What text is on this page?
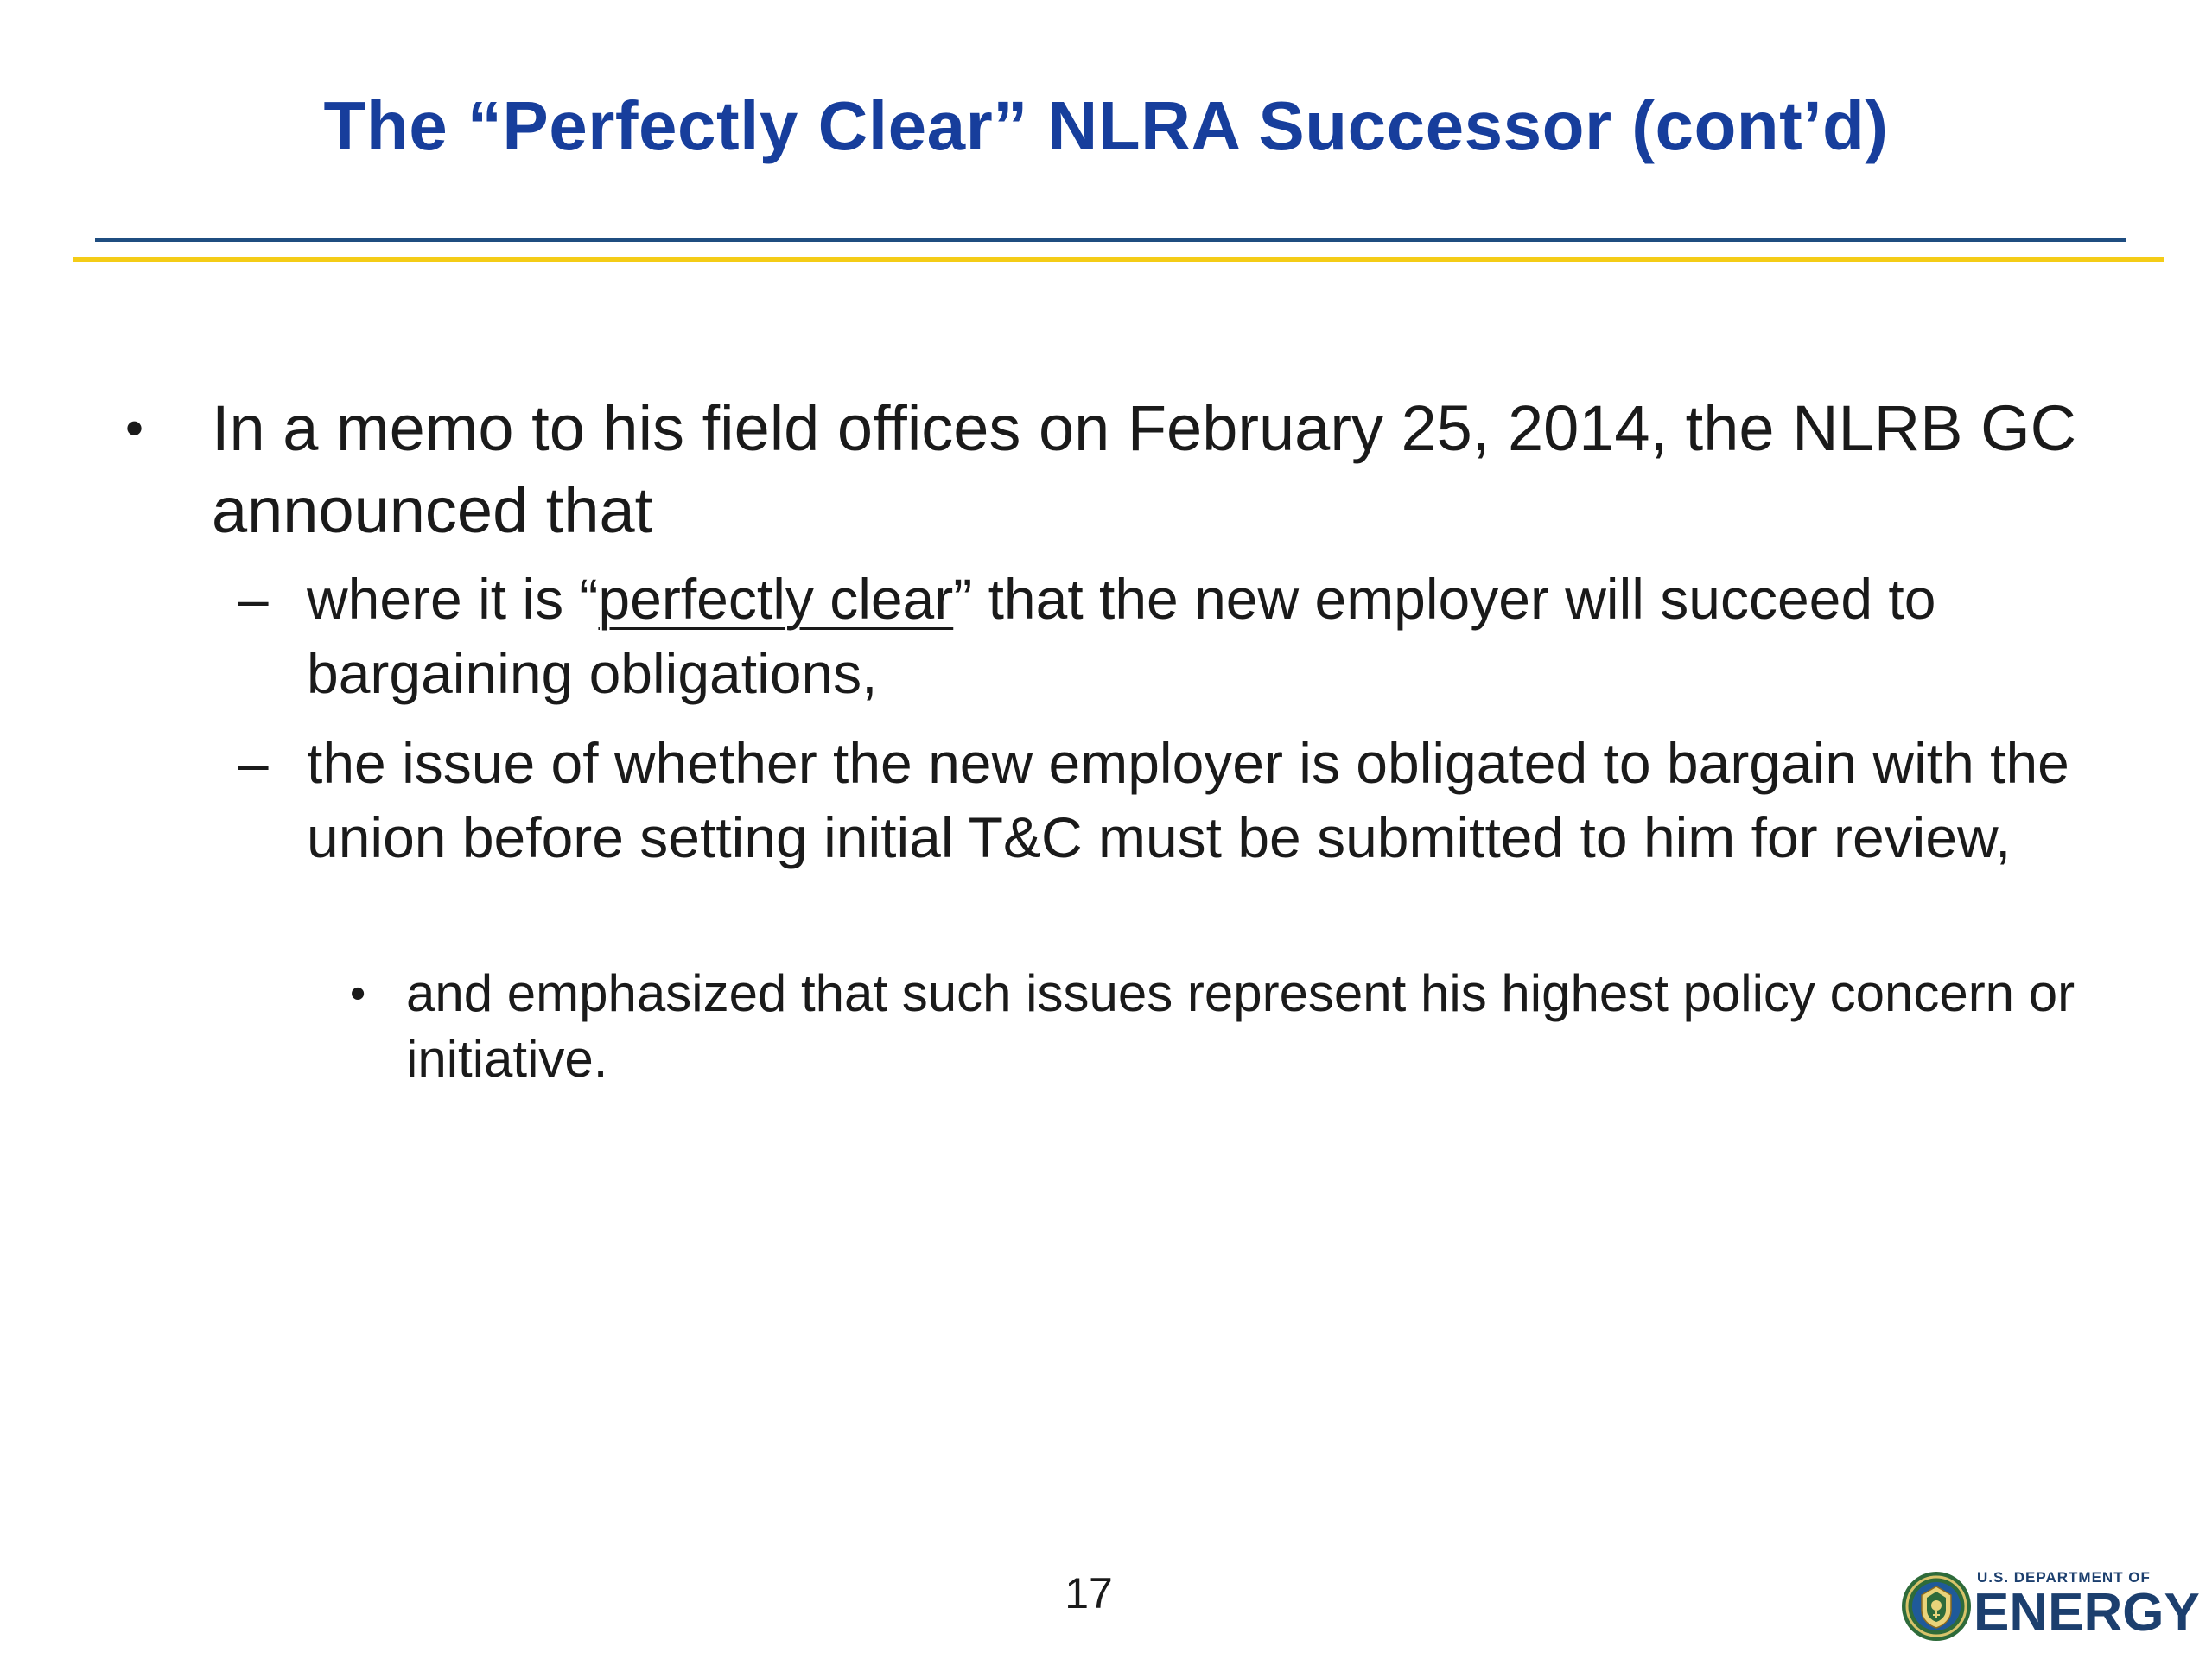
The “Perfectly Clear” NLRA Successor (cont’d)
•	In a memo to his field offices on February 25, 2014, the NLRB GC announced that
– where it is “perfectly clear” that the new employer will succeed to bargaining obligations,
– the issue of whether the new employer is obligated to bargain with the union before setting initial T&C must be submitted to him for review,
• and emphasized that such issues represent his highest policy concern or initiative.
17	U.S. DEPARTMENT OF
ENERGY
